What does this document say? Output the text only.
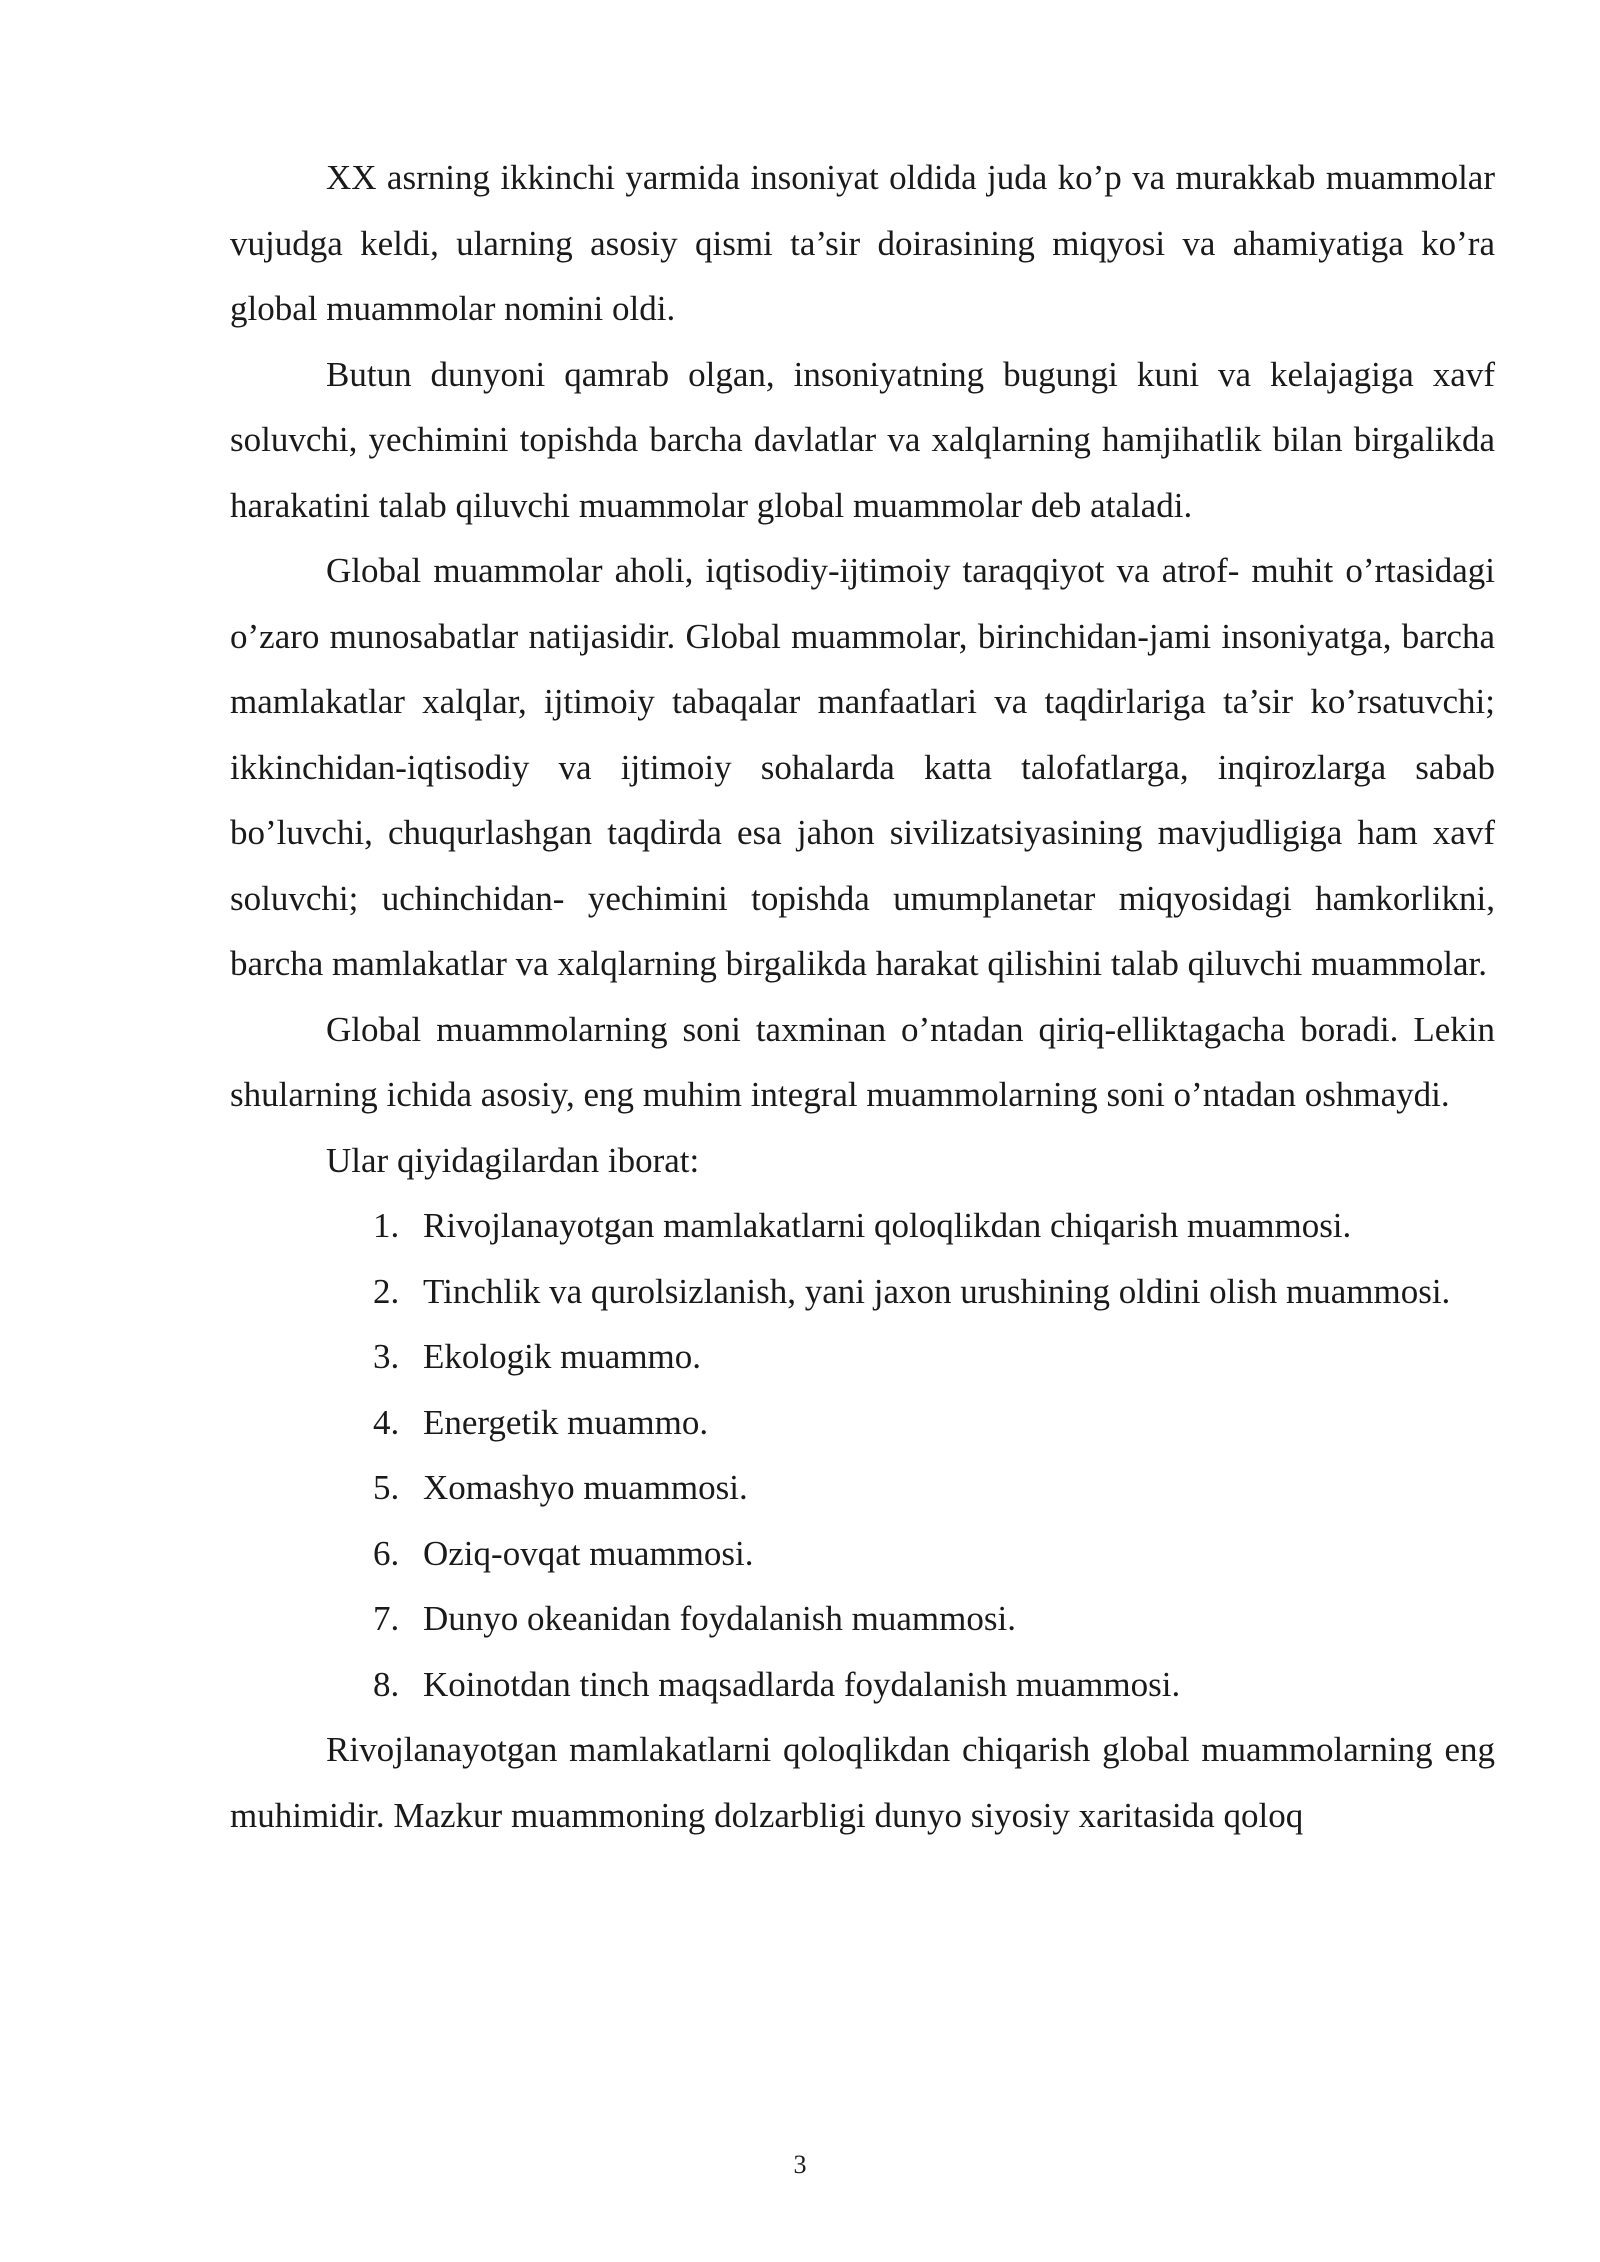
XX asrning ikkinchi yarmida insoniyat oldida juda ko’p va murakkab muammolar vujudga keldi, ularning asosiy qismi ta’sir doirasining miqyosi va ahamiyatiga ko’ra global muammolar nomini oldi.

Butun dunyoni qamrab olgan, insoniyatning bugungi kuni va kelajagiga xavf soluvchi, yechimini topishda barcha davlatlar va xalqlarning hamjihatlik bilan birgalikda harakatini talab qiluvchi muammolar global muammolar deb ataladi.

Global muammolar aholi, iqtisodiy-ijtimoiy taraqqiyot va atrof- muhit o’rtasidagi o’zaro munosabatlar natijasidir. Global muammolar, birinchidan-jami insoniyatga, barcha mamlakatlar xalqlar, ijtimoiy tabaqalar manfaatlari va taqdirlariga ta’sir ko’rsatuvchi; ikkinchidan-iqtisodiy va ijtimoiy sohalarda katta talofatlarga, inqirozlarga sabab bo’luvchi, chuqurlashgan taqdirda esa jahon sivilizatsiyasining mavjudligiga ham xavf soluvchi; uchinchidan- yechimini topishda umumplanetar miqyosidagi hamkorlikni, barcha mamlakatlar va xalqlarning birgalikda harakat qilishini talab qiluvchi muammolar.

Global muammolarning soni taxminan o’ntadan qiriq-elliktagacha boradi. Lekin shularning ichida asosiy, eng muhim integral muammolarning soni o’ntadan oshmaydi.

Ular qiyidagilardan iborat:

1. Rivojlanayotgan mamlakatlarni qoloqlikdan chiqarish muammosi.
2. Tinchlik va qurolsizlanish, yani jaxon urushining oldini olish muammosi.
3. Ekologik muammo.
4. Energetik muammo.
5. Xomashyo muammosi.
6. Oziq-ovqat muammosi.
7. Dunyo okeanidan foydalanish muammosi.
8. Koinotdan tinch maqsadlarda foydalanish muammosi.

Rivojlanayotgan mamlakatlarni qoloqlikdan chiqarish global muammolarning eng muhimidir. Mazkur muammoning dolzarbligi dunyo siyosiy xaritasida qoloq

3
